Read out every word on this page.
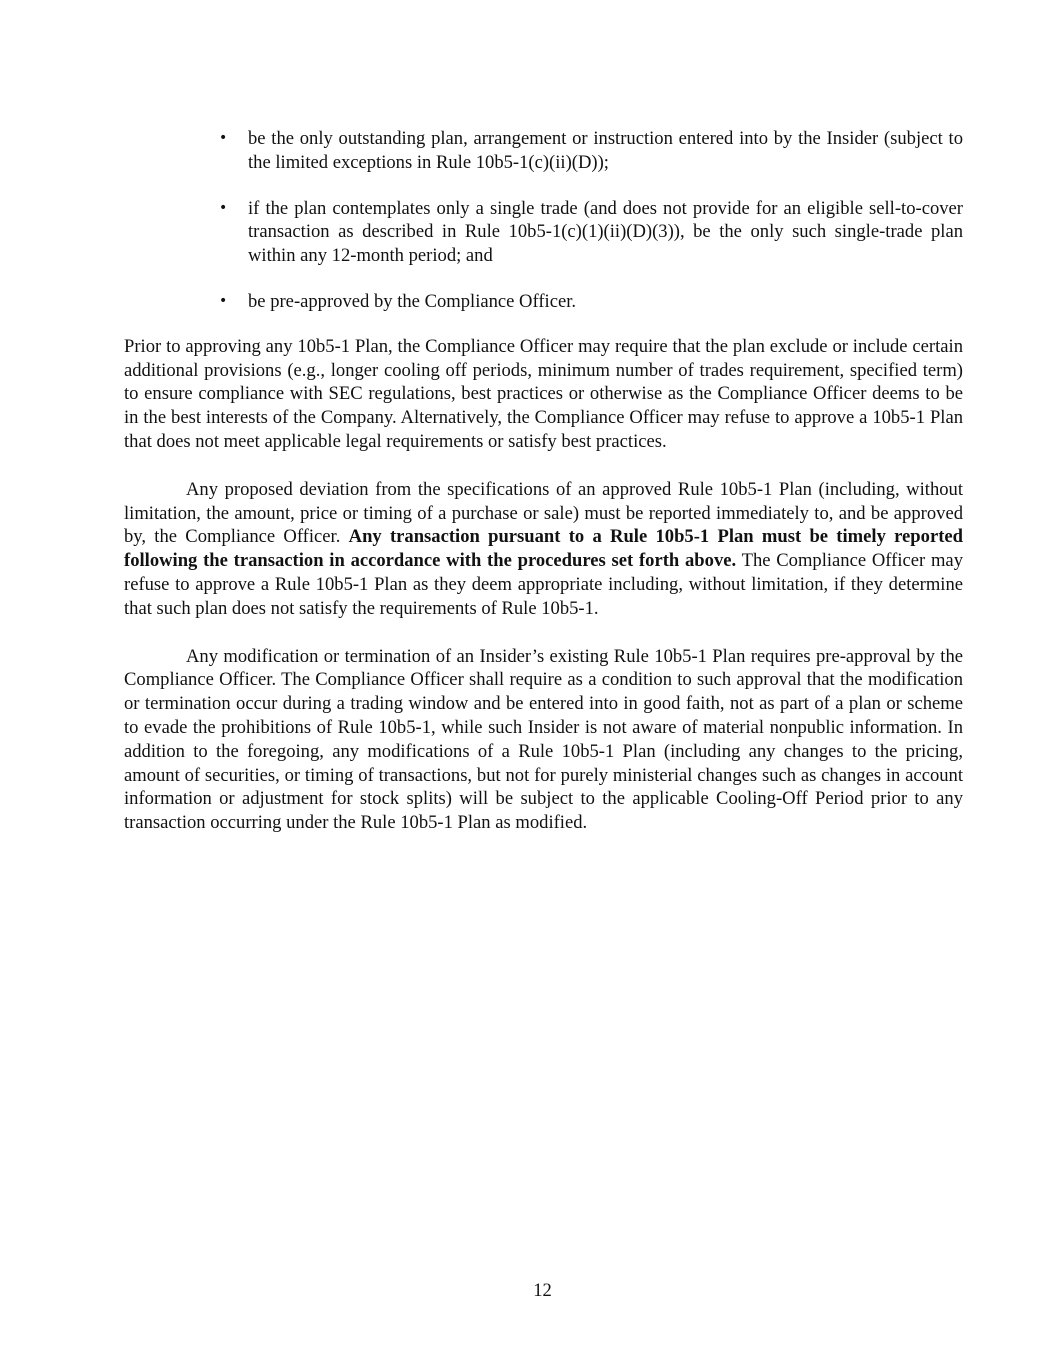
• be the only outstanding plan, arrangement or instruction entered into by the Insider (subject to the limited exceptions in Rule 10b5-1(c)(ii)(D));
• if the plan contemplates only a single trade (and does not provide for an eligible sell-to-cover transaction as described in Rule 10b5-1(c)(1)(ii)(D)(3)), be the only such single-trade plan within any 12-month period; and
• be pre-approved by the Compliance Officer.

Prior to approving any 10b5-1 Plan, the Compliance Officer may require that the plan exclude or include certain additional provisions (e.g., longer cooling off periods, minimum number of trades requirement, specified term) to ensure compliance with SEC regulations, best practices or otherwise as the Compliance Officer deems to be in the best interests of the Company. Alternatively, the Compliance Officer may refuse to approve a 10b5-1 Plan that does not meet applicable legal requirements or satisfy best practices.

Any proposed deviation from the specifications of an approved Rule 10b5-1 Plan (including, without limitation, the amount, price or timing of a purchase or sale) must be reported immediately to, and be approved by, the Compliance Officer. Any transaction pursuant to a Rule 10b5-1 Plan must be timely reported following the transaction in accordance with the procedures set forth above. The Compliance Officer may refuse to approve a Rule 10b5-1 Plan as they deem appropriate including, without limitation, if they determine that such plan does not satisfy the requirements of Rule 10b5-1.

Any modification or termination of an Insider’s existing Rule 10b5-1 Plan requires pre-approval by the Compliance Officer. The Compliance Officer shall require as a condition to such approval that the modification or termination occur during a trading window and be entered into in good faith, not as part of a plan or scheme to evade the prohibitions of Rule 10b5-1, while such Insider is not aware of material nonpublic information. In addition to the foregoing, any modifications of a Rule 10b5-1 Plan (including any changes to the pricing, amount of securities, or timing of transactions, but not for purely ministerial changes such as changes in account information or adjustment for stock splits) will be subject to the applicable Cooling-Off Period prior to any transaction occurring under the Rule 10b5-1 Plan as modified.

12
